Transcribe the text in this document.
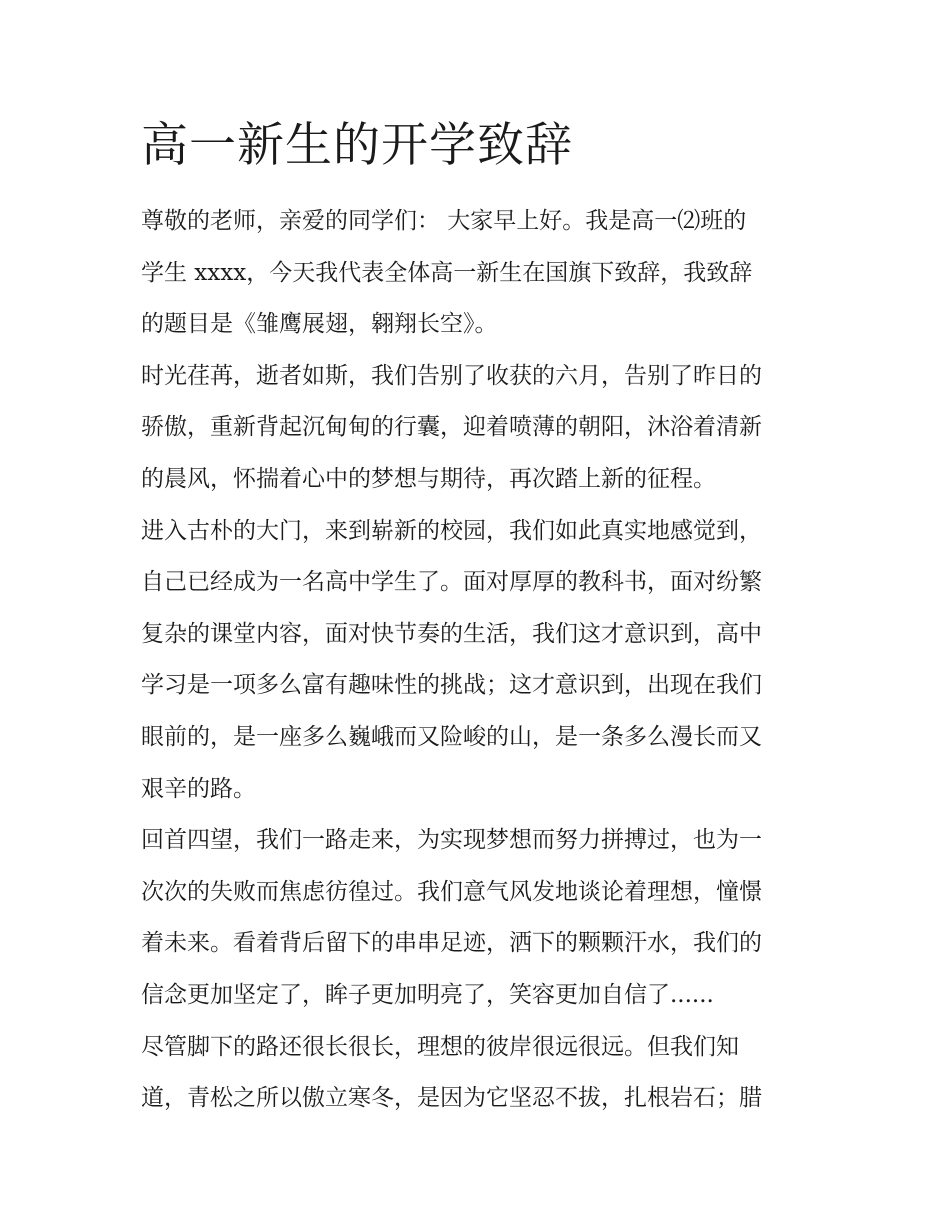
高一新生的开学致辞
尊敬的老师，亲爱的同学们： 大家早上好。我是高一⑵班的
学生 xxxx，今天我代表全体高一新生在国旗下致辞，我致辞
的题目是《雏鹰展翅，翱翔长空》。
时光荏苒，逝者如斯，我们告别了收获的六月，告别了昨日的
骄傲，重新背起沉甸甸的行囊，迎着喷薄的朝阳，沐浴着清新
的晨风，怀揣着心中的梦想与期待，再次踏上新的征程。
进入古朴的大门，来到崭新的校园，我们如此真实地感觉到，
自己已经成为一名高中学生了。面对厚厚的教科书，面对纷繁
复杂的课堂内容，面对快节奏的生活，我们这才意识到，高中
学习是一项多么富有趣味性的挑战；这才意识到，出现在我们
眼前的，是一座多么巍峨而又险峻的山，是一条多么漫长而又
艰辛的路。
回首四望，我们一路走来，为实现梦想而努力拼搏过，也为一
次次的失败而焦虑彷徨过。我们意气风发地谈论着理想，憧憬
着未来。看着背后留下的串串足迹，洒下的颗颗汗水，我们的
信念更加坚定了，眸子更加明亮了，笑容更加自信了......
尽管脚下的路还很长很长，理想的彼岸很远很远。但我们知
道，青松之所以傲立寒冬，是因为它坚忍不拔，扎根岩石；腊
